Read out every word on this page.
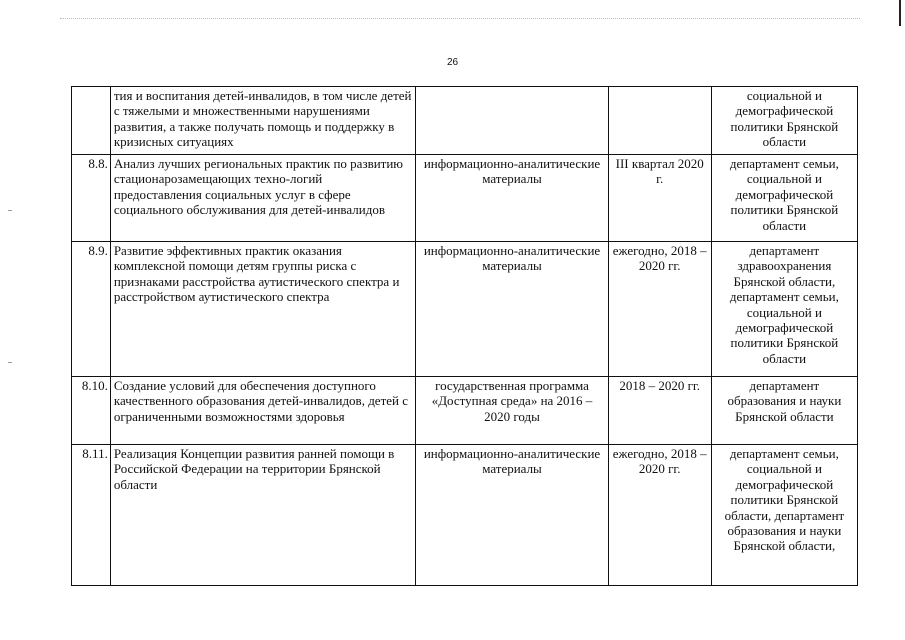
26
	тия и воспитания детей-инвалидов, в том числе детей с тяжелыми и множественными нарушениями развития, а также получать помощь и поддержку в кризисных ситуациях			социальной и демографической политики Брянской области
8.8.	Анализ лучших региональных практик по развитию стационарозамещающих техно-логий предоставления социальных услуг в сфере социального обслуживания для детей-инвалидов	информационно-аналитические материалы	III квартал 2020 г.	департамент семьи, социальной и демографической политики Брянской области
8.9.	Развитие эффективных практик оказания комплексной помощи детям группы риска с признаками расстройства аутистического спектра и расстройством аутистического спектра	информационно-аналитические материалы	ежегодно, 2018 – 2020 гг.	департамент здравоохранения Брянской области, департамент семьи, социальной и демографической политики Брянской области
8.10.	Создание условий для обеспечения доступного качественного образования детей-инвалидов, детей с ограниченными возможностями здоровья	государственная программа «Доступная среда» на 2016 – 2020 годы	2018 – 2020 гг.	департамент образования и науки Брянской области
8.11.	Реализация Концепции развития ранней помощи в Российской Федерации на территории Брянской области	информационно-аналитические материалы	ежегодно, 2018 – 2020 гг.	департамент семьи, социальной и демографической политики Брянской области, департамент образования и науки Брянской области,
